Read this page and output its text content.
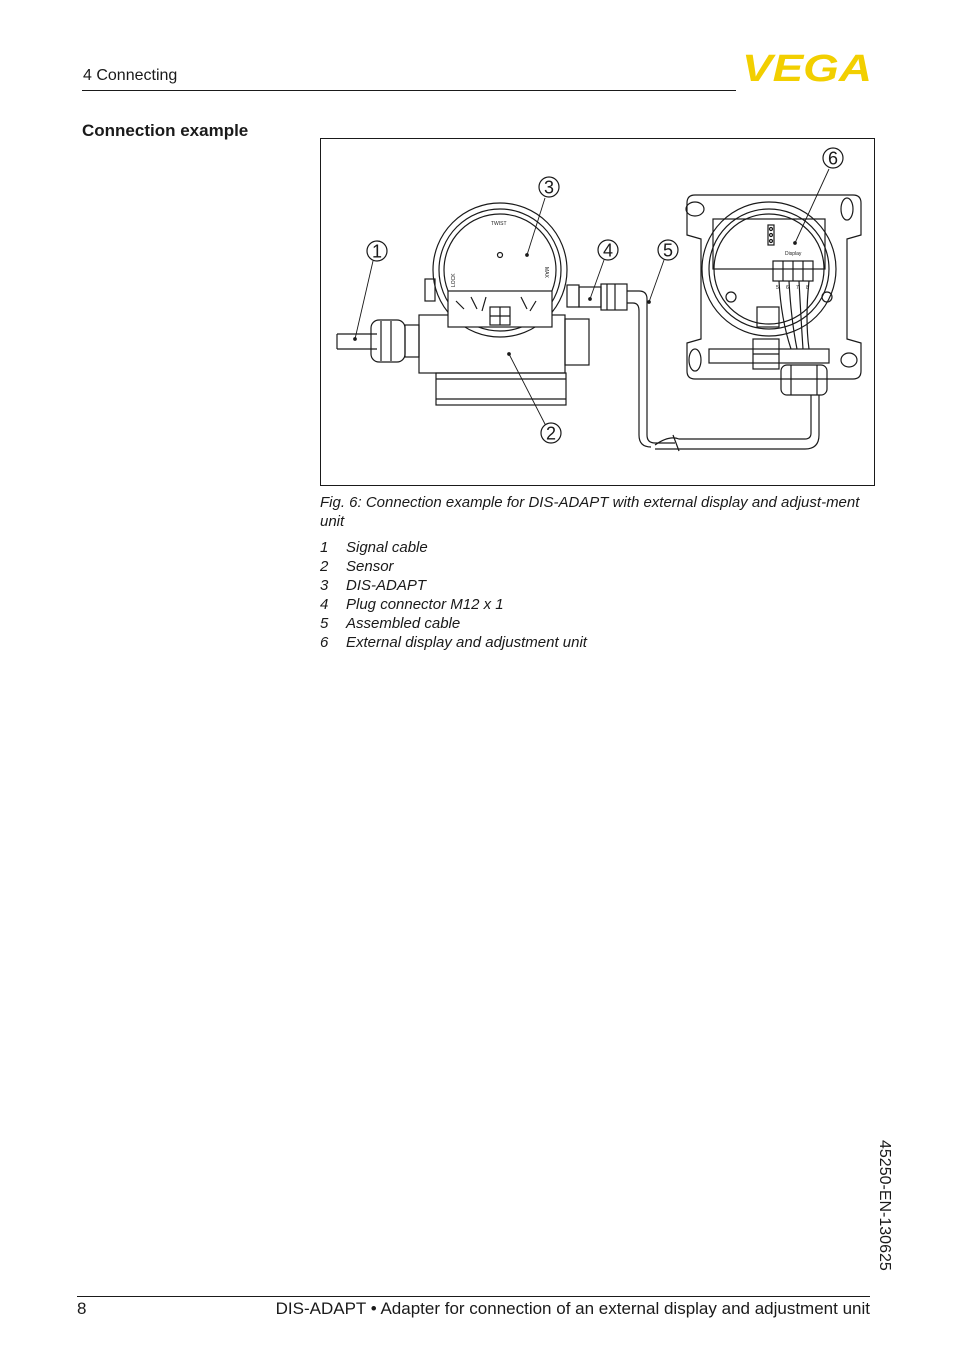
4 Connecting	VEGA
Connection example
TWIST
LOCK
MAX
Display
5 6 7 8
1
2
3
4	5
6
Fig. 6: Connection example for DIS-ADAPT with external display and adjust-ment unit
1	Signal cable
2	Sensor
3	DIS-ADAPT
4	Plug connector M12 x 1
5	Assembled cable
6	External display and adjustment unit
45250-EN-130625
8	DIS-ADAPT • Adapter for connection of an external display and adjustment unit
